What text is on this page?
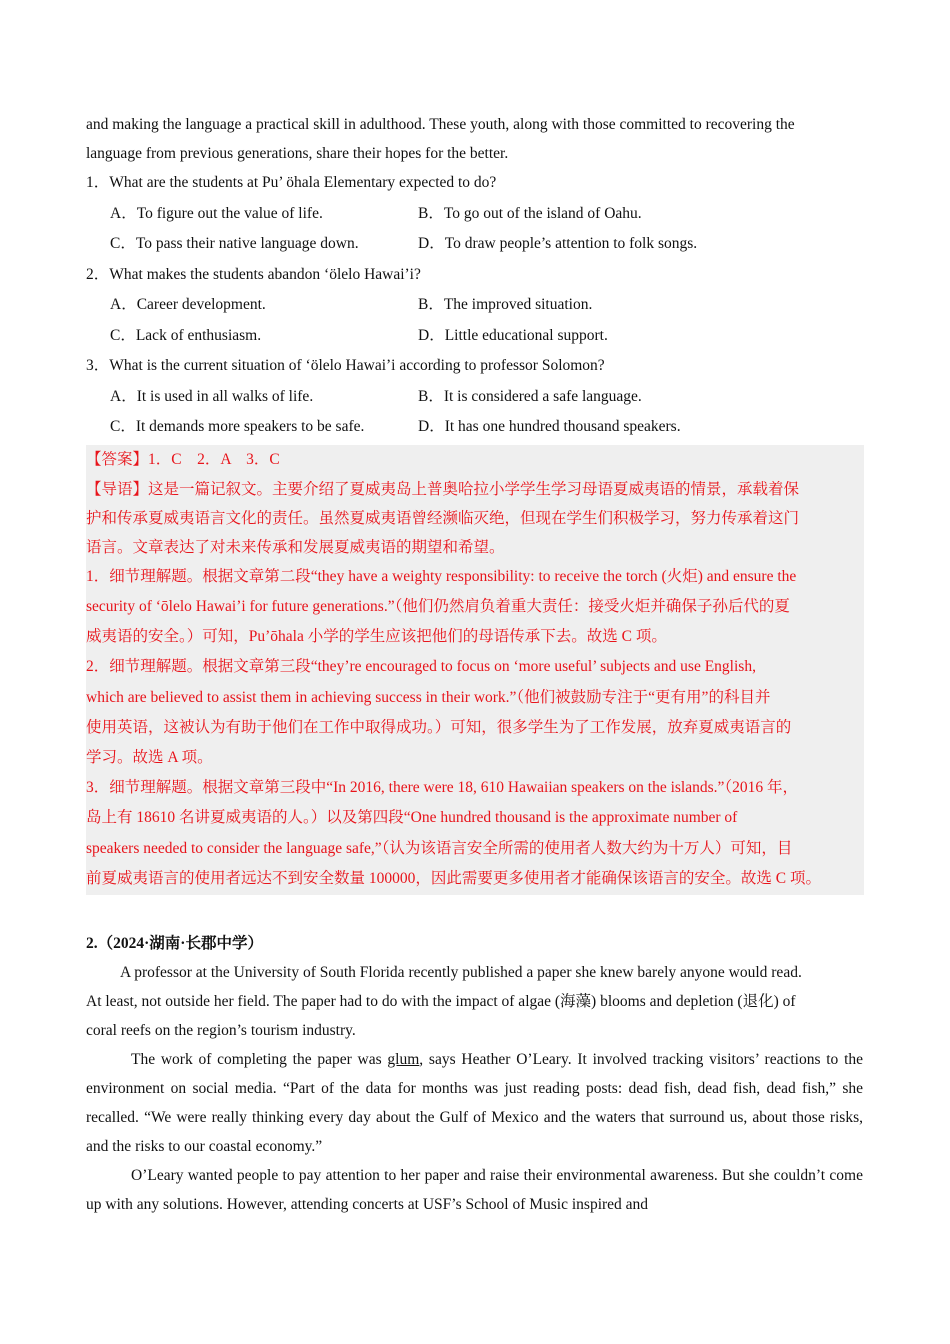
and making the language a practical skill in adulthood. These youth, along with those committed to recovering the

language from previous generations, share their hopes for the better.

1．What are the students at Pu’ öhala Elementary expected to do?

A．To figure out the value of life.	B．To go out of the island of Oahu.
C．To pass their native language down.	D．To draw people’s attention to folk songs.

2．What makes the students abandon ‘ölelo Hawai’i?

A．Career development.	B．The improved situation.
C．Lack of enthusiasm.	D．Little educational support.

3．What is the current situation of ‘ölelo Hawai’i according to professor Solomon?

A．It is used in all walks of life.	B．It is considered a safe language.
C．It demands more speakers to be safe.	D．It has one hundred thousand speakers.

【答案】1．C　2．A　3．C

【导语】这是一篇记叙文。主要介绍了夏威夷岛上普奥哈拉小学学生学习母语夏威夷语的情景，承载着保

护和传承夏威夷语言文化的责任。虽然夏威夷语曾经濒临灭绝，但现在学生们积极学习，努力传承着这门

语言。文章表达了对未来传承和发展夏威夷语的期望和希望。

1．细节理解题。根据文章第二段“they have a weighty responsibility: to receive the torch (火炬) and ensure the

security of ‘ōlelo Hawai’i for future generations.”（他们仍然肩负着重大责任：接受火炬并确保子孙后代的夏

威夷语的安全。）可知，Pu’ōhala 小学的学生应该把他们的母语传承下去。故选 C 项。

2．细节理解题。根据文章第三段“they’re encouraged to focus on ‘more useful’ subjects and use English,

which are believed to assist them in achieving success in their work.”（他们被鼓励专注于“更有用”的科目并

使用英语，这被认为有助于他们在工作中取得成功。）可知，很多学生为了工作发展，放弃夏威夷语言的

学习。故选 A 项。

3．细节理解题。根据文章第三段中“In 2016, there were 18, 610 Hawaiian speakers on the islands.”（2016 年，

岛上有 18610 名讲夏威夷语的人。）以及第四段“One hundred thousand is the approximate number of

speakers needed to consider the language safe,”（认为该语言安全所需的使用者人数大约为十万人）可知，目

前夏威夷语言的使用者远达不到安全数量 100000，因此需要更多使用者才能确保该语言的安全。故选 C 项。

2.（2024·湖南·长郡中学）

A professor at the University of South Florida recently published a paper she knew barely anyone would read.

At least, not outside her field. The paper had to do with the impact of algae (海藻) blooms and depletion (退化) of

coral reefs on the region’s tourism industry.

The work of completing the paper was glum, says Heather O’Leary. It involved tracking visitors’ reactions to the environment on social media. “Part of the data for months was just reading posts: dead fish, dead fish, dead fish,” she recalled. “We were really thinking every day about the Gulf of Mexico and the waters that surround us, about those risks, and the risks to our coastal economy.”

O’Leary wanted people to pay attention to her paper and raise their environmental awareness. But she couldn’t come up with any solutions. However, attending concerts at USF’s School of Music inspired and
